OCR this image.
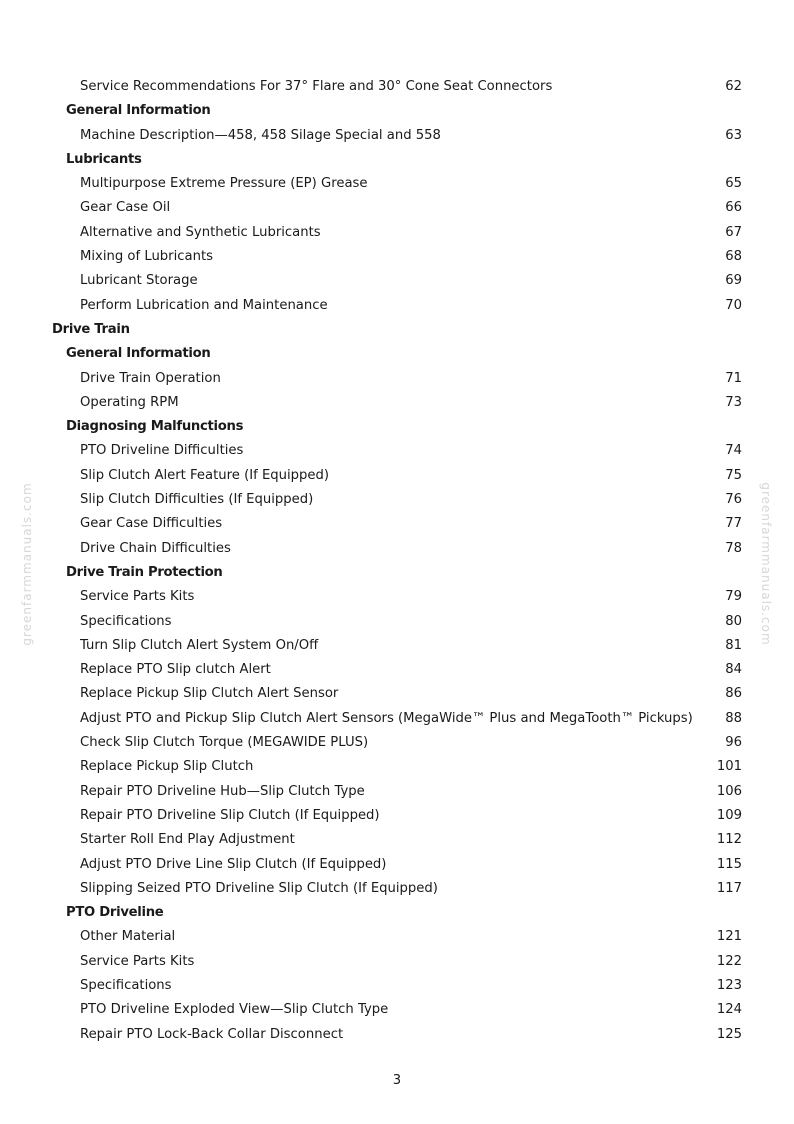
Service Recommendations For 37° Flare and 30° Cone Seat Connectors	62
General Information
Machine Description—458, 458 Silage Special and 558	63
Lubricants
Multipurpose Extreme Pressure (EP) Grease	65
Gear Case Oil	66
Alternative and Synthetic Lubricants	67
Mixing of Lubricants	68
Lubricant Storage	69
Perform Lubrication and Maintenance	70
Drive Train
General Information
Drive Train Operation	71
Operating RPM	73
Diagnosing Malfunctions
PTO Driveline Difficulties	74
Slip Clutch Alert Feature (If Equipped)	75
Slip Clutch Difficulties (If Equipped)	76
Gear Case Difficulties	77
Drive Chain Difficulties	78
Drive Train Protection
Service Parts Kits	79
Specifications	80
Turn Slip Clutch Alert System On/Off	81
Replace PTO Slip clutch Alert	84
Replace Pickup Slip Clutch Alert Sensor	86
Adjust PTO and Pickup Slip Clutch Alert Sensors (MegaWide™ Plus and MegaTooth™ Pickups) 88
Check Slip Clutch Torque (MEGAWIDE PLUS)	96
Replace Pickup Slip Clutch	101
Repair PTO Driveline Hub—Slip Clutch Type	106
Repair PTO Driveline Slip Clutch (If Equipped)	109
Starter Roll End Play Adjustment	112
Adjust PTO Drive Line Slip Clutch (If Equipped)	115
Slipping Seized PTO Driveline Slip Clutch (If Equipped)	117
PTO Driveline
Other Material	121
Service Parts Kits	122
Specifications	123
PTO Driveline Exploded View—Slip Clutch Type	124
Repair PTO Lock-Back Collar Disconnect	125
3
greenfarmmanuals.com	greenfarmmanuals.com
